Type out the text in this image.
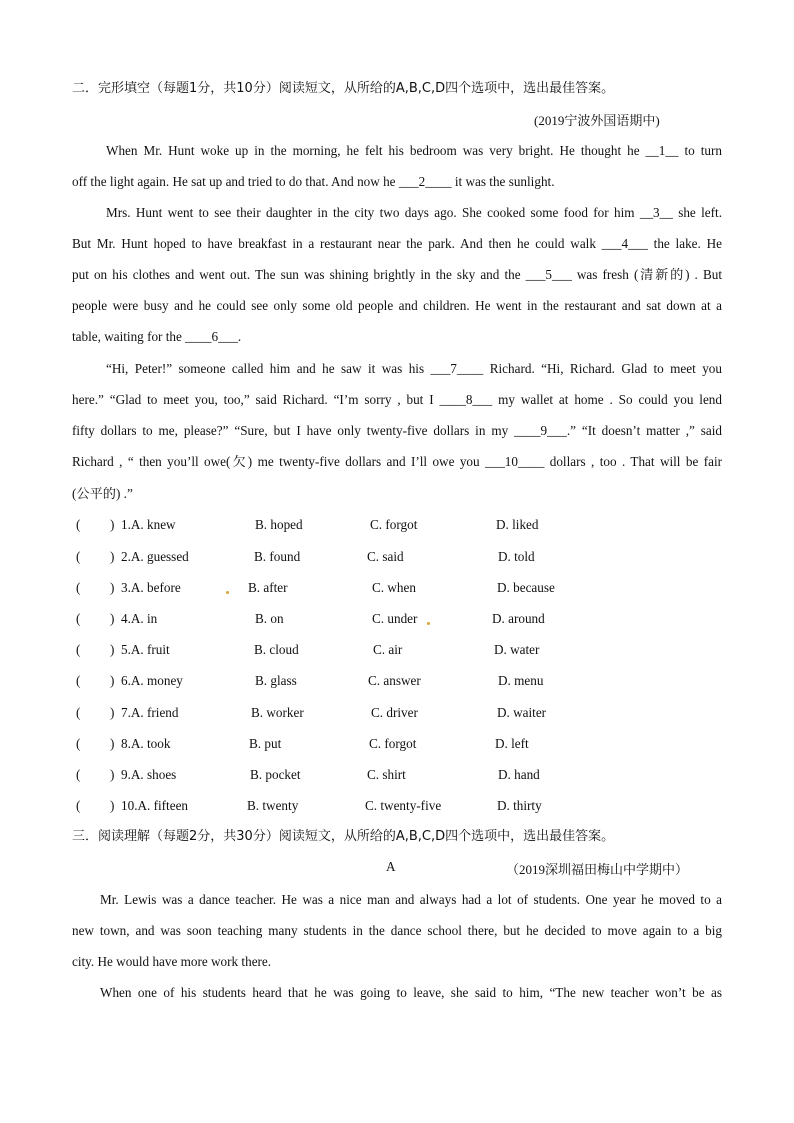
二．完形填空（每题1分，共10分）阅读短文，从所给的A,B,C,D四个选项中，选出最佳答案。
(2019宁波外国语期中)
When Mr. Hunt woke up in the morning, he felt his bedroom was very bright. He thought he __1__ to turn
off the light again. He sat up and tried to do that. And now he ___2____ it was the sunlight.
Mrs. Hunt went to see their daughter in the city two days ago. She cooked some food for him __3__ she left.
But Mr. Hunt hoped to have breakfast in a restaurant near the park. And then he could walk ___4___ the lake. He
put on his clothes and went out. The sun was shining brightly in the sky and the ___5___ was fresh (清新的) . But
people were busy and he could see only some old people and children. He went in the restaurant and sat down at a
table, waiting for the ____6___.
“Hi, Peter!” someone called him and he saw it was his ___7____ Richard. “Hi, Richard. Glad to meet you
here.” “Glad to meet you, too,” said Richard. “I’m sorry , but I ____8___ my wallet at home . So could you lend
fifty dollars to me, please?” “Sure, but I have only twenty-five dollars in my ____9___.” “It doesn’t matter ,” said
Richard , “ then you’ll owe(欠) me twenty-five dollars and I’ll owe you ___10____ dollars , too . That will be fair
(公平的) .”
( ) 1.A. knew	B. hoped	C. forgot	D. liked
( ) 2.A. guessed	B. found	C. said	D. told
( ) 3.A. before	B. after	C. when	D. because
( ) 4.A. in	B. on	C. under	D. around
( ) 5.A. fruit	B. cloud	C. air	D. water
( ) 6.A. money	B. glass	C. answer	D. menu
( ) 7.A. friend	B. worker	C. driver	D. waiter
( ) 8.A. took	B. put	C. forgot	D. left
( ) 9.A. shoes	B. pocket	C. shirt	D. hand
( ) 10.A. fifteen	B. twenty	C. twenty-five	D. thirty
三．阅读理解（每题2分，共30分）阅读短文，从所给的A,B,C,D四个选项中，选出最佳答案。
A	（2019深圳福田梅山中学期中）
Mr. Lewis was a dance teacher. He was a nice man and always had a lot of students. One year he moved to a
new town, and was soon teaching many students in the dance school there, but he decided to move again to a big
city. He would have more work there.
When one of his students heard that he was going to leave, she said to him, “The new teacher won’t be as
